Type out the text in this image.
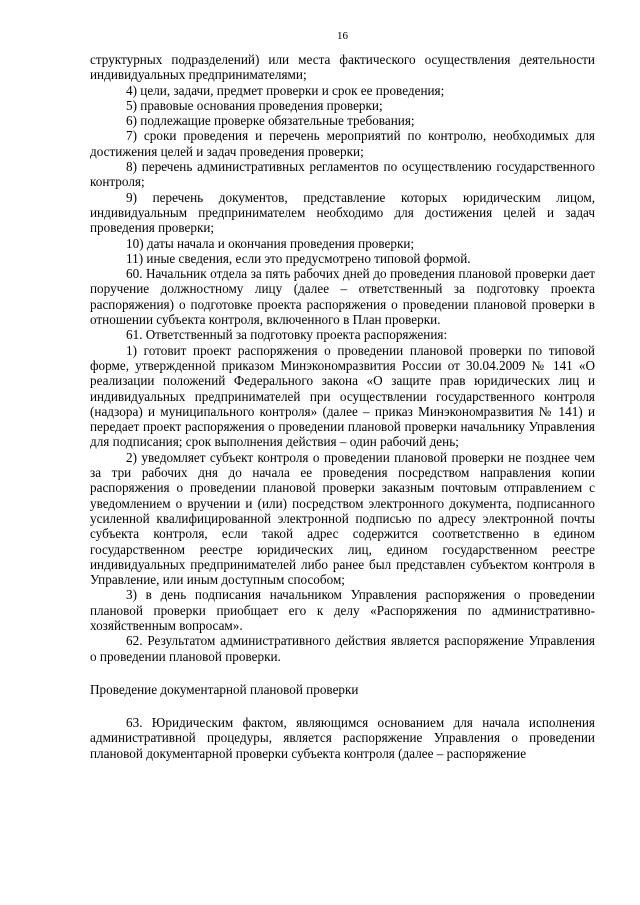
16

структурных подразделений) или места фактического осуществления деятельности индивидуальных предпринимателями;

4) цели, задачи, предмет проверки и срок ее проведения;

5) правовые основания проведения проверки;

6) подлежащие проверке обязательные требования;

7) сроки проведения и перечень мероприятий по контролю, необходимых для достижения целей и задач проведения проверки;

8) перечень административных регламентов по осуществлению государственного контроля;

9) перечень документов, представление которых юридическим лицом, индивидуальным предпринимателем необходимо для достижения целей и задач проведения проверки;

10) даты начала и окончания проведения проверки;

11) иные сведения, если это предусмотрено типовой формой.

60. Начальник отдела за пять рабочих дней до проведения плановой проверки дает поручение должностному лицу (далее – ответственный за подготовку проекта распоряжения) о подготовке проекта распоряжения о проведении плановой проверки в отношении субъекта контроля, включенного в План проверки.

61. Ответственный за подготовку проекта распоряжения:

1) готовит проект распоряжения о проведении плановой проверки по типовой форме, утвержденной приказом Минэкономразвития России от 30.04.2009 № 141 «О реализации положений Федерального закона «О защите прав юридических лиц и индивидуальных предпринимателей при осуществлении государственного контроля (надзора) и муниципального контроля» (далее – приказ Минэкономразвития № 141) и передает проект распоряжения о проведении плановой проверки начальнику Управления для подписания; срок выполнения действия – один рабочий день;

2) уведомляет субъект контроля о проведении плановой проверки не позднее чем за три рабочих дня до начала ее проведения посредством направления копии распоряжения о проведении плановой проверки заказным почтовым отправлением с уведомлением о вручении и (или) посредством электронного документа, подписанного усиленной квалифицированной электронной подписью по адресу электронной почты субъекта контроля, если такой адрес содержится соответственно в едином государственном реестре юридических лиц, едином государственном реестре индивидуальных предпринимателей либо ранее был представлен субъектом контроля в Управление, или иным доступным способом;

3) в день подписания начальником Управления распоряжения о проведении плановой проверки приобщает его к делу «Распоряжения по административно-хозяйственным вопросам».

62. Результатом административного действия является распоряжение Управления о проведении плановой проверки.

Проведение документарной плановой проверки

63. Юридическим фактом, являющимся основанием для начала исполнения административной процедуры, является распоряжение Управления о проведении плановой документарной проверки субъекта контроля (далее – распоряжение
